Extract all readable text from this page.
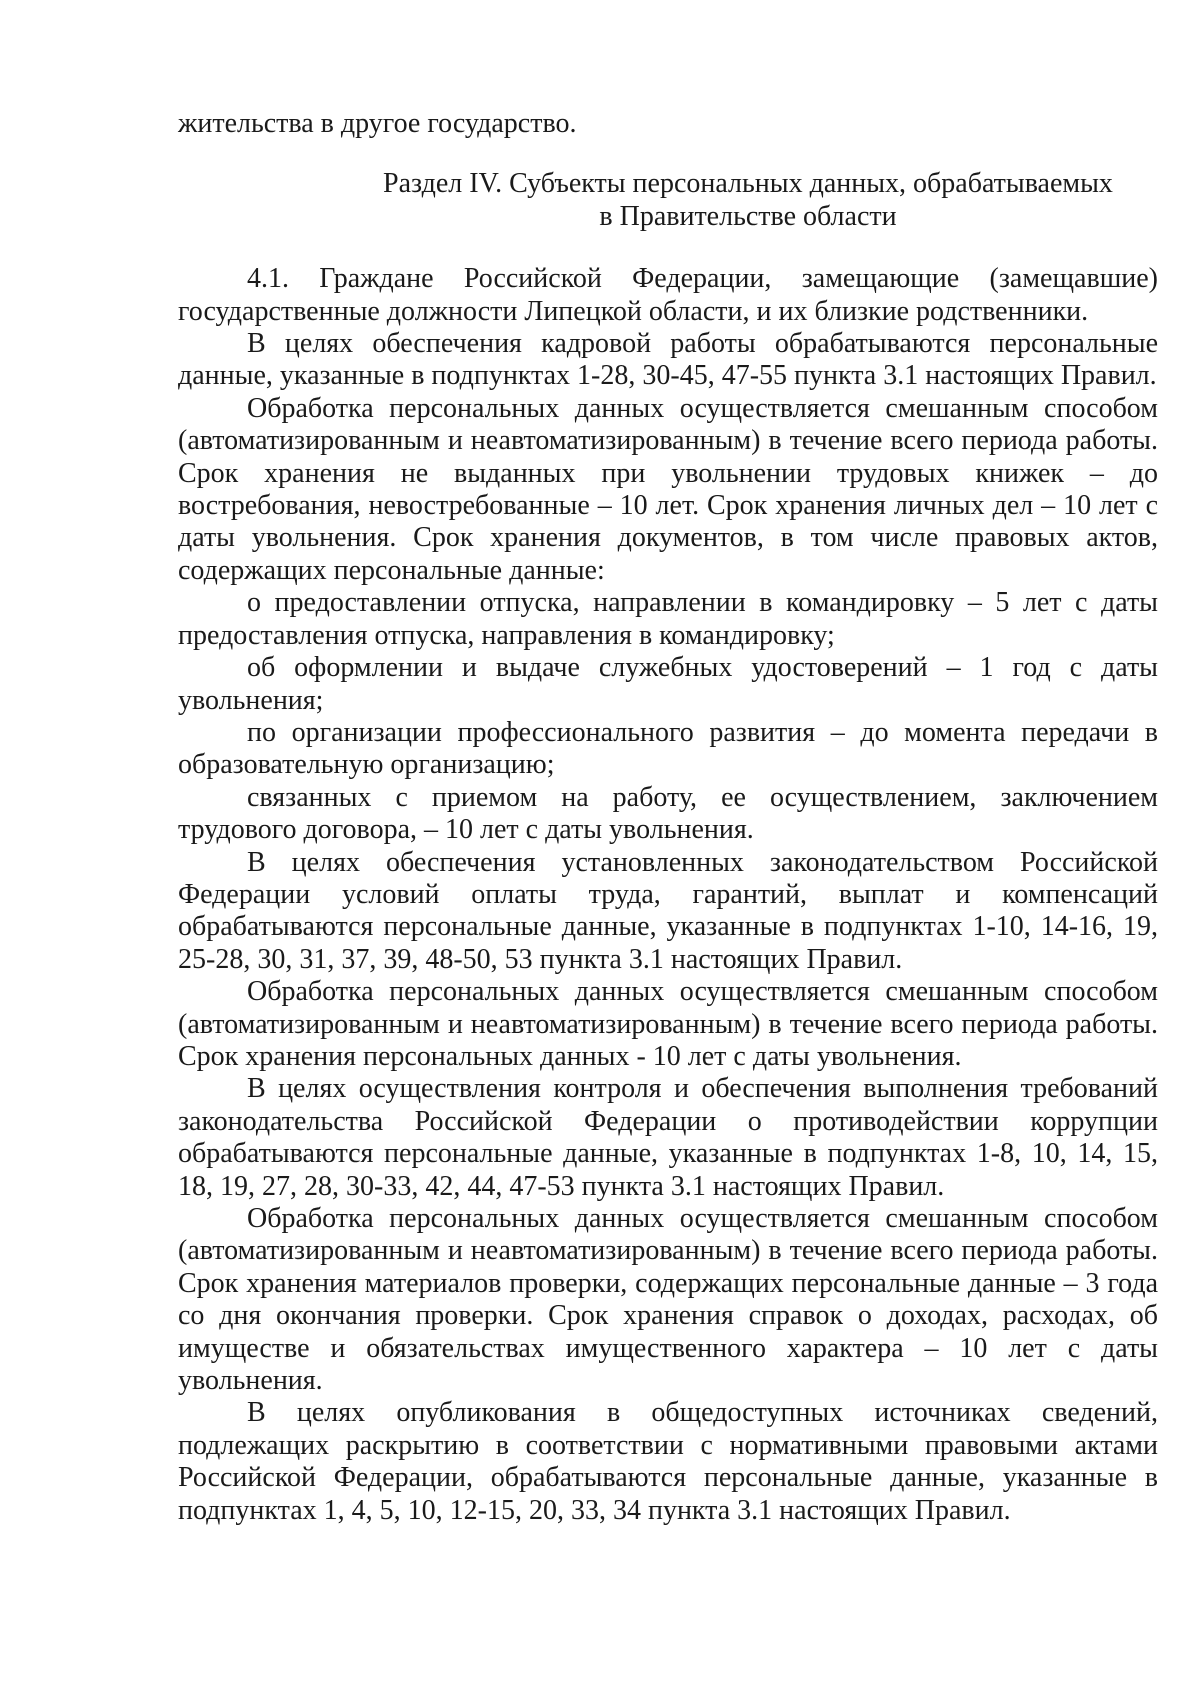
жительства в другое государство.

Раздел IV. Субъекты персональных данных, обрабатываемых
в Правительстве области

4.1. Граждане Российской Федерации, замещающие (замещавшие) государственные должности Липецкой области, и их близкие родственники.

В целях обеспечения кадровой работы обрабатываются персональные данные, указанные в подпунктах 1-28, 30-45, 47-55 пункта 3.1 настоящих Правил.

Обработка персональных данных осуществляется смешанным способом (автоматизированным и неавтоматизированным) в течение всего периода работы. Срок хранения не выданных при увольнении трудовых книжек – до востребования, невостребованные – 10 лет. Срок хранения личных дел – 10 лет с даты увольнения. Срок хранения документов, в том числе правовых актов, содержащих персональные данные:

о предоставлении отпуска, направлении в командировку – 5 лет с даты предоставления отпуска, направления в командировку;

об оформлении и выдаче служебных удостоверений – 1 год с даты увольнения;

по организации профессионального развития – до момента передачи в образовательную организацию;

связанных с приемом на работу, ее осуществлением, заключением трудового договора, – 10 лет с даты увольнения.

В целях обеспечения установленных законодательством Российской Федерации условий оплаты труда, гарантий, выплат и компенсаций обрабатываются персональные данные, указанные в подпунктах 1-10, 14-16, 19, 25-28, 30, 31, 37, 39, 48-50, 53 пункта 3.1 настоящих Правил.

Обработка персональных данных осуществляется смешанным способом (автоматизированным и неавтоматизированным) в течение всего периода работы. Срок хранения персональных данных - 10 лет с даты увольнения.

В целях осуществления контроля и обеспечения выполнения требований законодательства Российской Федерации о противодействии коррупции обрабатываются персональные данные, указанные в подпунктах 1-8, 10, 14, 15, 18, 19, 27, 28, 30-33, 42, 44, 47-53 пункта 3.1 настоящих Правил.

Обработка персональных данных осуществляется смешанным способом (автоматизированным и неавтоматизированным) в течение всего периода работы. Срок хранения материалов проверки, содержащих персональные данные – 3 года со дня окончания проверки. Срок хранения справок о доходах, расходах, об имуществе и обязательствах имущественного характера – 10 лет с даты увольнения.

В целях опубликования в общедоступных источниках сведений, подлежащих раскрытию в соответствии с нормативными правовыми актами Российской Федерации, обрабатываются персональные данные, указанные в подпунктах 1, 4, 5, 10, 12-15, 20, 33, 34 пункта 3.1 настоящих Правил.
